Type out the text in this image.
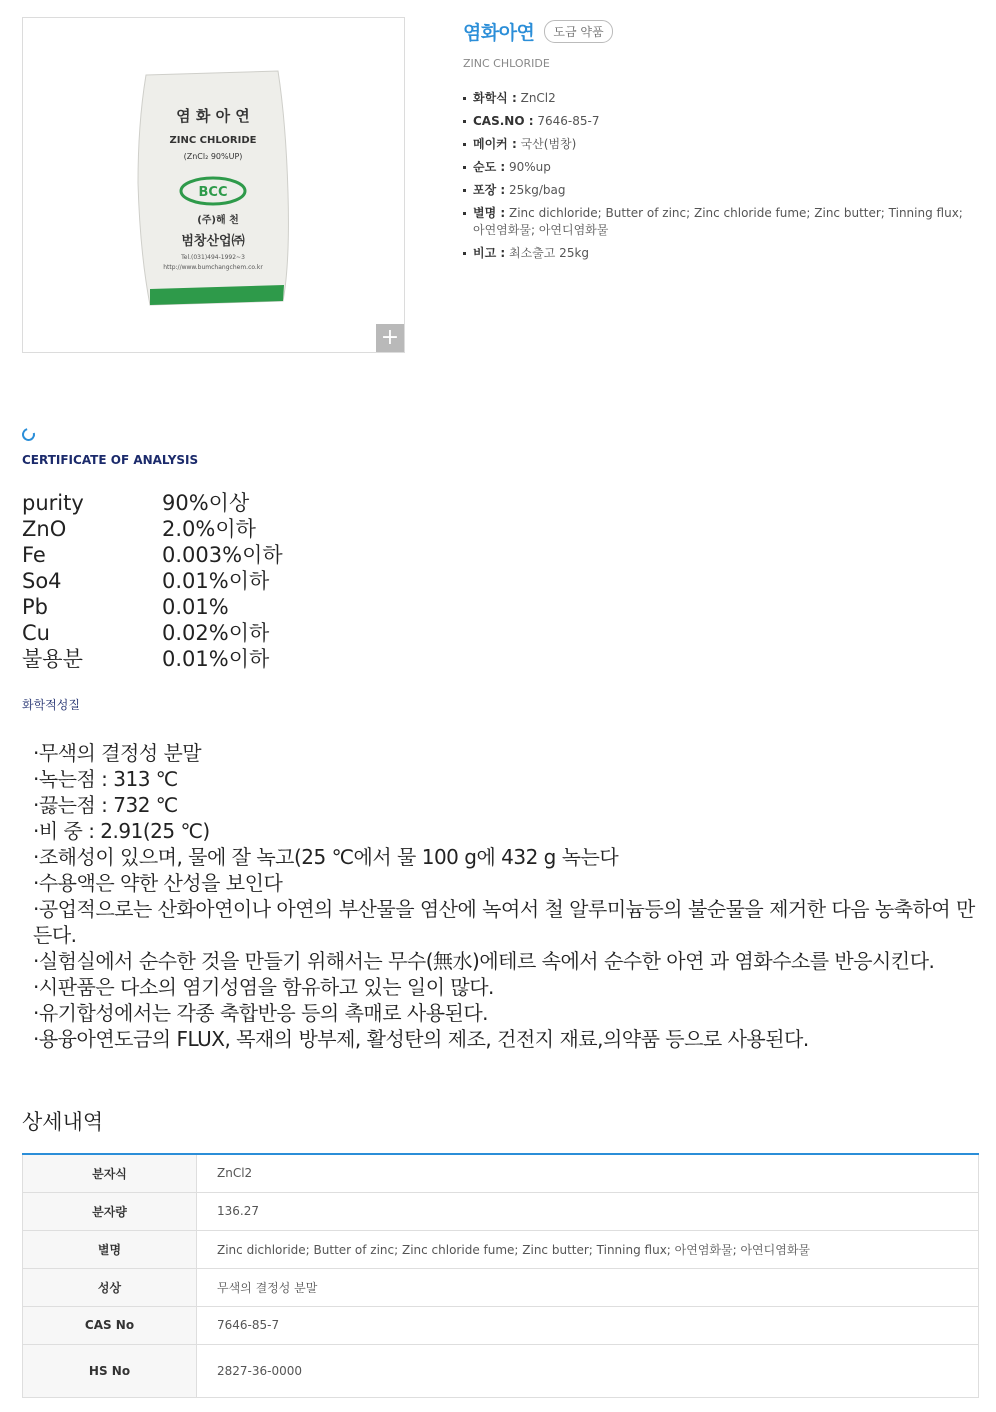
염 화 아 연
ZINC CHLORIDE
(ZnCl₂ 90%UP)
BCC
(주)해 천
범창산업㈜
Tel.(031)494-1992~3
http://www.bumchangchem.co.kr
+
염화아연	도금 약품
ZINC CHLORIDE
화학식 : ZnCl2
CAS.NO : 7646-85-7
메이커 : 국산(범창)
순도 : 90%up
포장 : 25kg/bag
별명 : Zinc dichloride; Butter of zinc; Zinc chloride fume; Zinc butter; Tinning flux; 아연염화물; 아연디염화물
비고 : 최소출고 25kg
CERTIFICATE OF ANALYSIS
purity	90%이상
ZnO	2.0%이하
Fe	0.003%이하
So4	0.01%이하
Pb	0.01%
Cu	0.02%이하
불용분	0.01%이하
화학적성질
·무색의 결정성 분말
·녹는점 : 313 ℃
·끓는점 : 732 ℃
·비 중 : 2.91(25 ℃)
·조해성이 있으며, 물에 잘 녹고(25 ℃에서 물 100 g에 432 g 녹는다
·수용액은 약한 산성을 보인다
·공업적으로는 산화아연이나 아연의 부산물을 염산에 녹여서 철 알루미늄등의 불순물을 제거한 다음 농축하여 만든다.
·실험실에서 순수한 것을 만들기 위해서는 무수(無水)에테르 속에서 순수한 아연 과 염화수소를 반응시킨다.
·시판품은 다소의 염기성염을 함유하고 있는 일이 많다.
·유기합성에서는 각종 축합반응 등의 촉매로 사용된다.
·용융아연도금의 FLUX, 목재의 방부제, 활성탄의 제조, 건전지 재료,의약품 등으로 사용된다.
상세내역
분자식	ZnCl2
분자량	136.27
별명	Zinc dichloride; Butter of zinc; Zinc chloride fume; Zinc butter; Tinning flux; 아연염화물; 아연디염화물
성상	무색의 결정성 분말
CAS No	7646-85-7
HS No	2827-36-0000
